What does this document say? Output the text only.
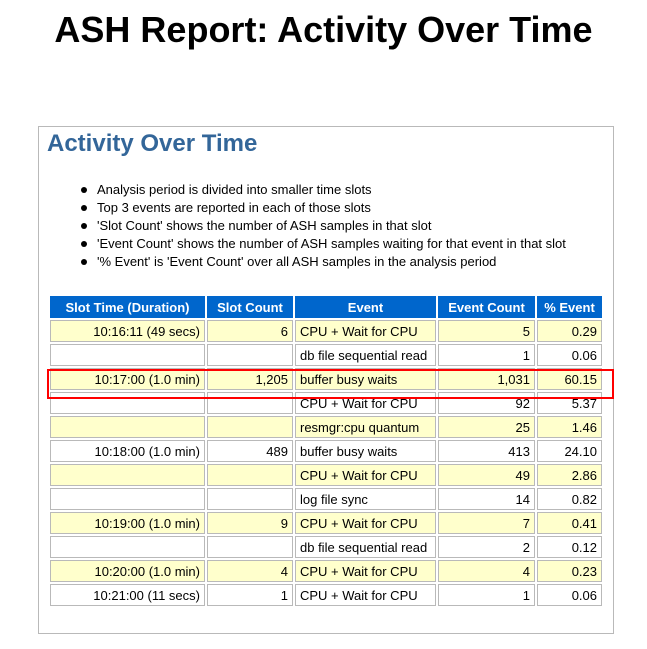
ASH Report: Activity Over Time
Activity Over Time
Analysis period is divided into smaller time slots
Top 3 events are reported in each of those slots
'Slot Count' shows the number of ASH samples in that slot
'Event Count' shows the number of ASH samples waiting for that event in that slot
'% Event' is 'Event Count' over all ASH samples in the analysis period
Slot Time (Duration)	Slot Count	Event	Event Count	% Event
10:16:11 (49 secs)	6	CPU + Wait for CPU	5	0.29
		db file sequential read	1	0.06
10:17:00 (1.0 min)	1,205	buffer busy waits	1,031	60.15
		CPU + Wait for CPU	92	5.37
		resmgr:cpu quantum	25	1.46
10:18:00 (1.0 min)	489	buffer busy waits	413	24.10
		CPU + Wait for CPU	49	2.86
		log file sync	14	0.82
10:19:00 (1.0 min)	9	CPU + Wait for CPU	7	0.41
		db file sequential read	2	0.12
10:20:00 (1.0 min)	4	CPU + Wait for CPU	4	0.23
10:21:00 (11 secs)	1	CPU + Wait for CPU	1	0.06
